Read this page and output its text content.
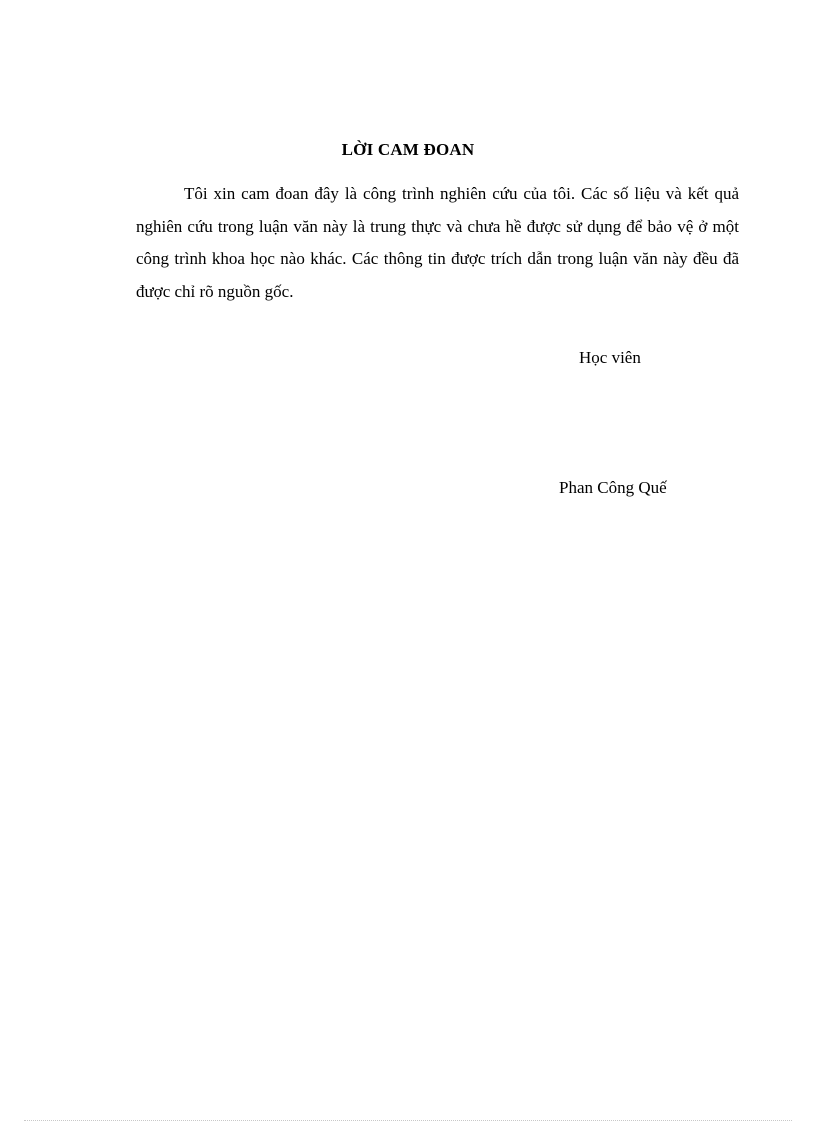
LỜI CAM ĐOAN

Tôi xin cam đoan đây là công trình nghiên cứu của tôi. Các số liệu và kết quả nghiên cứu trong luận văn này là trung thực và chưa hề được sử dụng để bảo vệ ở một công trình khoa học nào khác. Các thông tin được trích dẫn trong luận văn này đều đã được chỉ rõ nguồn gốc.

Học viên
Phan Công Quế
